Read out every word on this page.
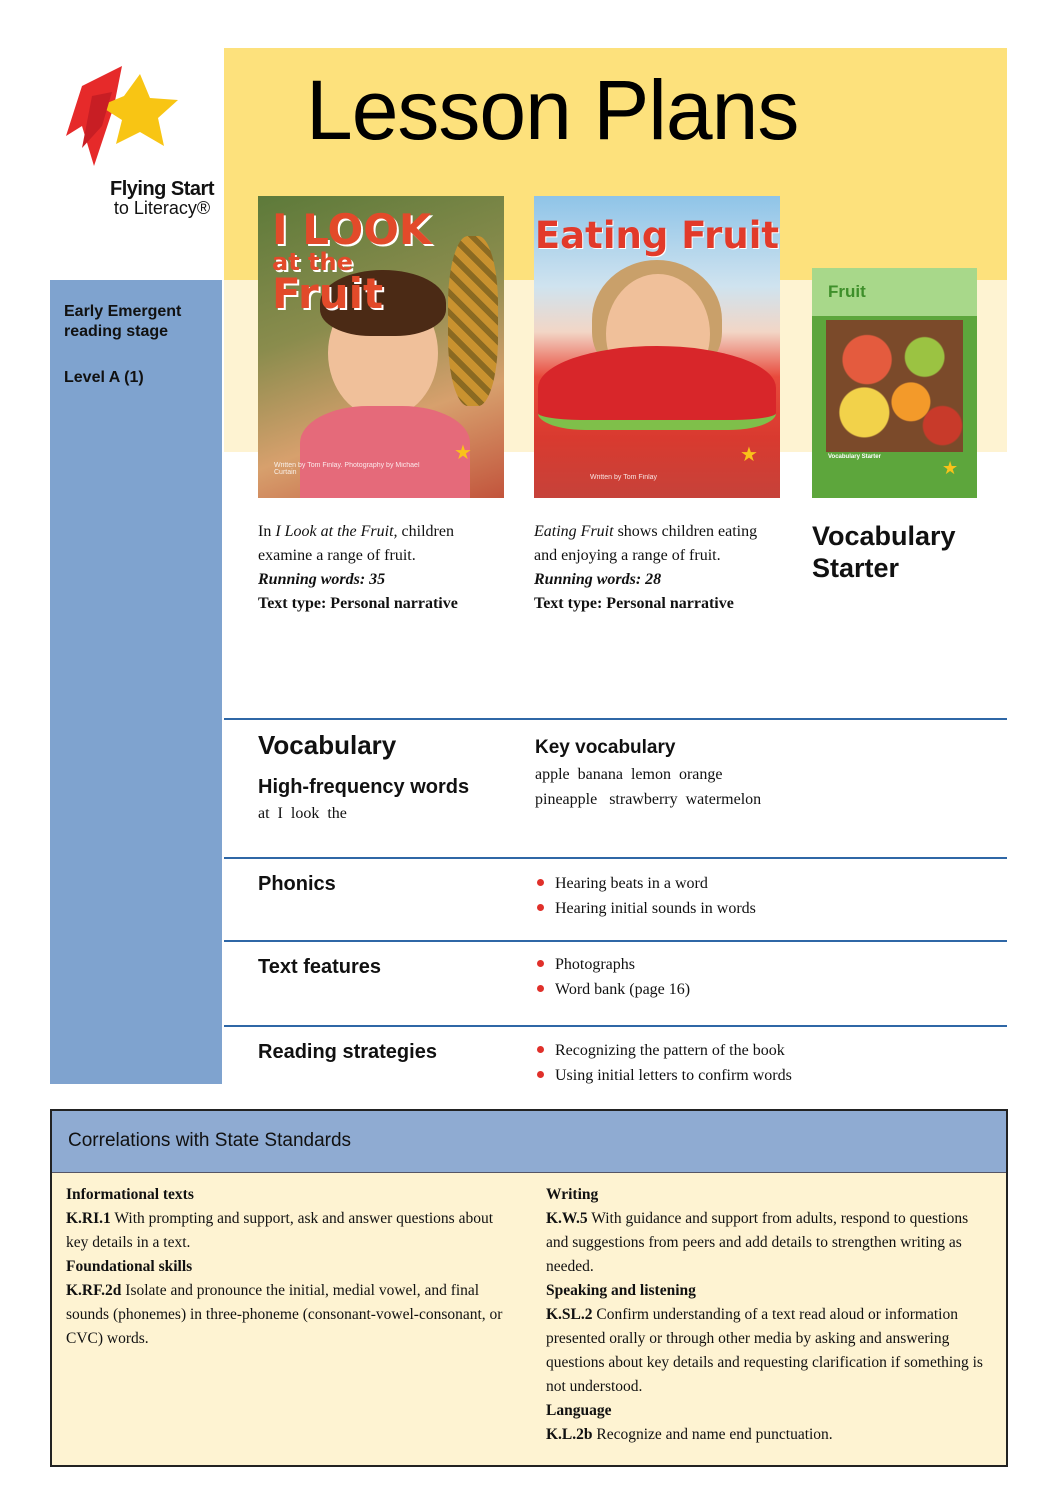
Lesson Plans
Flying Start
to Literacy®
Early Emergent reading stage
Level A (1)
I LOOK
at the
Fruit
Written by Tom Finlay. Photography by Michael Curtain
★
Eating Fruit
Written by Tom Finlay
★
Fruit
Vocabulary Starter
★
In I Look at the Fruit, children examine a range of fruit.
Running words: 35
Text type: Personal narrative
Eating Fruit shows children eating and enjoying a range of fruit.
Running words: 28
Text type: Personal narrative
Vocabulary Starter
Vocabulary
High-frequency words
at  I  look  the
Key vocabulary
apple  banana  lemon  orange
pineapple   strawberry  watermelon
Phonics	Hearing beats in a word
Hearing initial sounds in words
Text features	Photographs
Word bank (page 16)
Reading strategies	Recognizing the pattern of the book
Using initial letters to confirm words
Correlations with State Standards

Informational texts

K.RI.1 With prompting and support, ask and answer questions about key details in a text.

Foundational skills

K.RF.2d Isolate and pronounce the initial, medial vowel, and final sounds (phonemes) in three-phoneme (consonant-vowel-consonant, or CVC) words.

Writing

K.W.5 With guidance and support from adults, respond to questions and suggestions from peers and add details to strengthen writing as needed.

Speaking and listening

K.SL.2 Confirm understanding of a text read aloud or information presented orally or through other media by asking and answering questions about key details and requesting clarification if something is not understood.

Language

K.L.2b Recognize and name end punctuation.
